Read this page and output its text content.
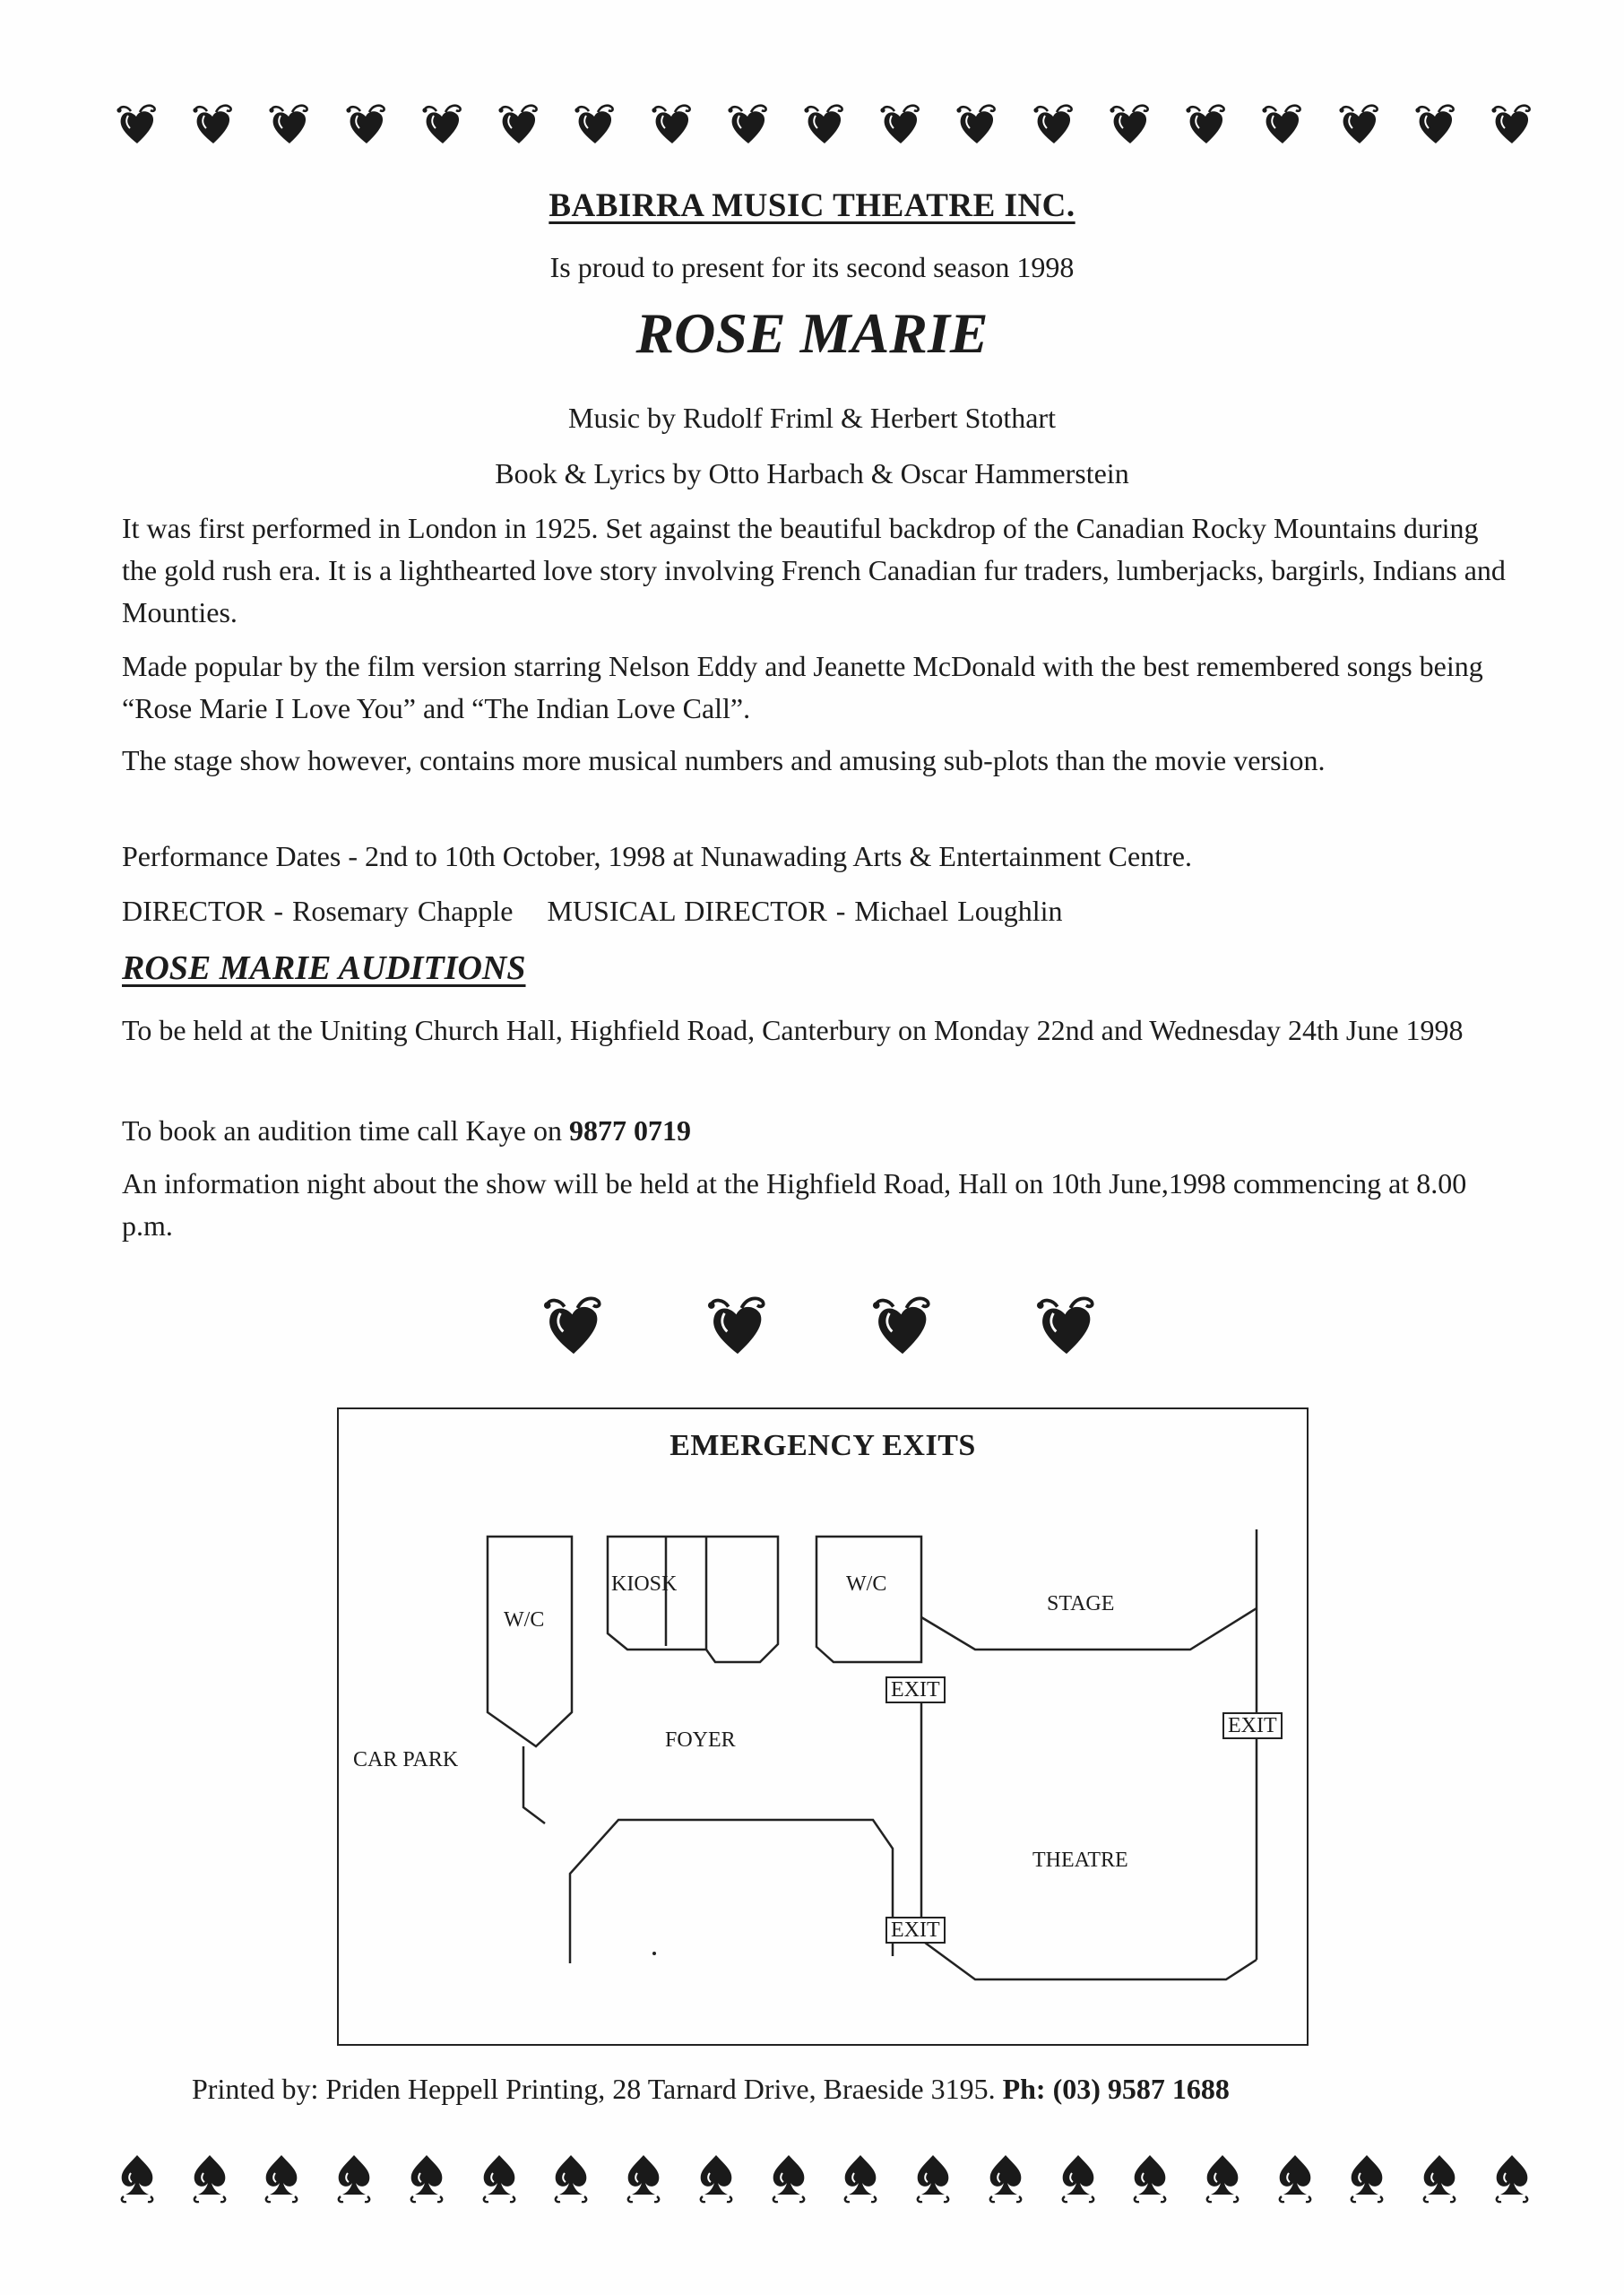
BABIRRA MUSIC THEATRE INC.
Is proud to present for its second season 1998
ROSE MARIE
Music by Rudolf Friml & Herbert Stothart
Book & Lyrics by Otto Harbach & Oscar Hammerstein
It was first performed in London in 1925. Set against the beautiful backdrop of the Canadian Rocky Mountains during the gold rush era. It is a lighthearted love story involving French Canadian fur traders, lumberjacks, bargirls, Indians and Mounties.
Made popular by the film version starring Nelson Eddy and Jeanette McDonald with the best remembered songs being “Rose Marie I Love You” and “The Indian Love Call”.
The stage show however, contains more musical numbers and amusing sub-plots than the movie version.
Performance Dates - 2nd to 10th October, 1998 at Nunawading Arts & Entertainment Centre.
DIRECTOR - Rosemary Chapple MUSICAL DIRECTOR - Michael Loughlin
ROSE MARIE AUDITIONS
To be held at the Uniting Church Hall, Highfield Road, Canterbury on Monday 22nd and Wednesday 24th June 1998
To book an audition time call Kaye on 9877 0719
An information night about the show will be held at the Highfield Road, Hall on 10th June,1998 commencing at 8.00 p.m.
EMERGENCY EXITS
W/C
KIOSK	W/C
STAGE
CAR PARK
FOYER
THEATRE
EXIT
EXIT
EXIT
Printed by: Priden Heppell Printing, 28 Tarnard Drive, Braeside 3195. Ph: (03) 9587 1688
